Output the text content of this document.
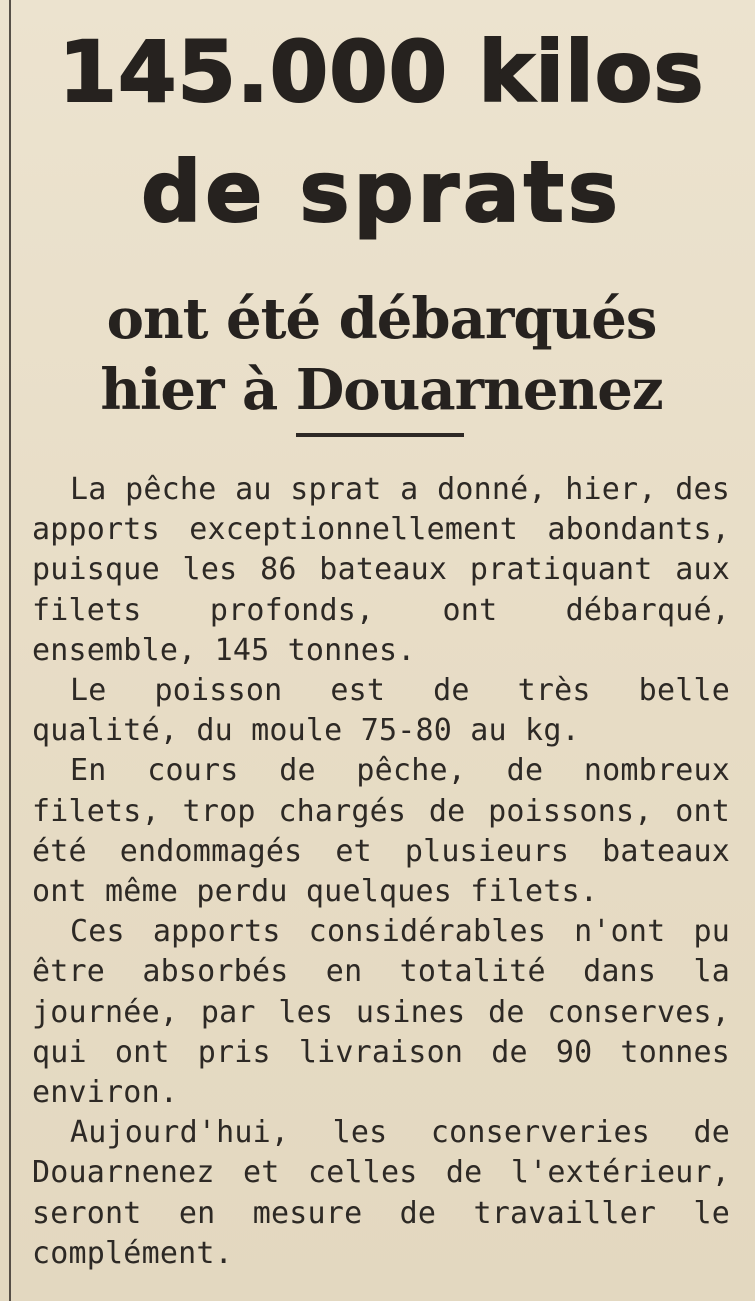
145.000 kilos
de sprats
ont été débarqués
hier à Douarnenez

La pêche au sprat a donné, hier, des apports exceptionnellement abondants, puisque les 86 bateaux pratiquant aux filets profonds, ont débarqué, ensemble, 145 tonnes.

Le poisson est de très belle qualité, du moule 75-80 au kg.

En cours de pêche, de nombreux filets, trop chargés de poissons, ont été endommagés et plusieurs bateaux ont même perdu quelques filets.

Ces apports considérables n'ont pu être absorbés en totalité dans la journée, par les usines de conserves, qui ont pris livraison de 90 tonnes environ.

Aujourd'hui, les conserveries de Douarnenez et celles de l'extérieur, seront en mesure de travailler le complément.
